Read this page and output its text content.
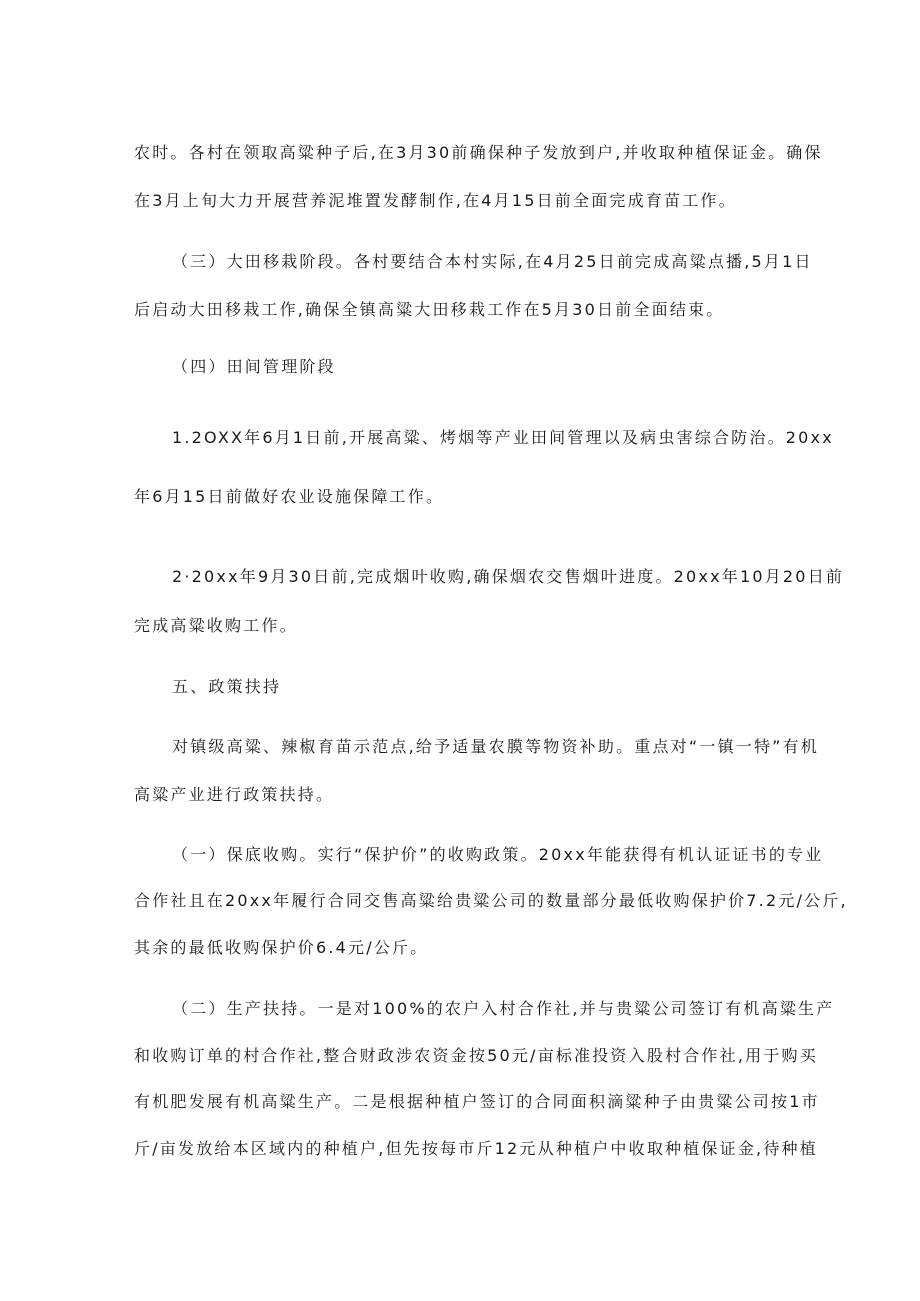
农时。各村在领取高粱种子后,在3月30前确保种子发放到户,并收取种植保证金。确保
在3月上旬大力开展营养泥堆置发酵制作,在4月15日前全面完成育苗工作。
（三）大田移栽阶段。各村要结合本村实际,在4月25日前完成高粱点播,5月1日
后启动大田移栽工作,确保全镇高粱大田移栽工作在5月30日前全面结束。
（四）田间管理阶段
1.2OXX年6月1日前,开展高粱、烤烟等产业田间管理以及病虫害综合防治。20xx
年6月15日前做好农业设施保障工作。
2·20xx年9月30日前,完成烟叶收购,确保烟农交售烟叶进度。20xx年10月20日前
完成高粱收购工作。
五、政策扶持
对镇级高粱、辣椒育苗示范点,给予适量农膜等物资补助。重点对“一镇一特”有机
高粱产业进行政策扶持。
（一）保底收购。实行“保护价”的收购政策。20xx年能获得有机认证证书的专业
合作社且在20xx年履行合同交售高粱给贵粱公司的数量部分最低收购保护价7.2元/公斤,
其余的最低收购保护价6.4元/公斤。
（二）生产扶持。一是对100%的农户入村合作社,并与贵粱公司签订有机高粱生产
和收购订单的村合作社,整合财政涉农资金按50元/亩标准投资入股村合作社,用于购买
有机肥发展有机高粱生产。二是根据种植户签订的合同面积滴粱种子由贵粱公司按1市
斤/亩发放给本区域内的种植户,但先按每市斤12元从种植户中收取种植保证金,待种植
